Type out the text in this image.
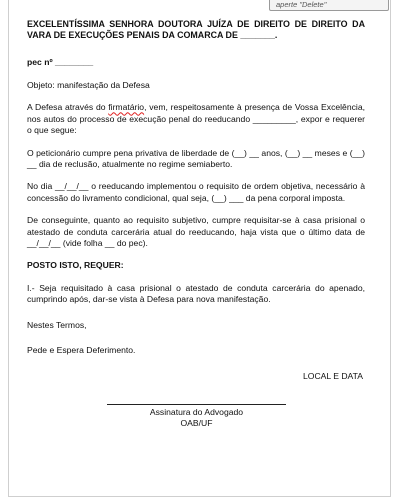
aperte "Delete"

EXCELENTÍSSIMA SENHORA DOUTORA JUÍZA DE DIREITO DE DIREITO DA VARA DE EXECUÇÕES PENAIS DA COMARCA DE _______.

pec nº ________

Objeto: manifestação da Defesa

A Defesa através do firmatário, vem, respeitosamente à presença de Vossa Excelência, nos autos do processo de execução penal do reeducando _________, expor e requerer o que segue:

O peticionário cumpre pena privativa de liberdade de (__) __ anos, (__) __ meses e (__) __ dia de reclusão, atualmente no regime semiaberto.

No dia __/__/__ o reeducando implementou o requisito de ordem objetiva, necessário à concessão do livramento condicional, qual seja, (__) ___ da pena corporal imposta.

De conseguinte, quanto ao requisito subjetivo, cumpre requisitar-se à casa prisional o atestado de conduta carcerária atual do reeducando, haja vista que o último data de __/__/__ (vide folha __ do pec).

POSTO ISTO, REQUER:

I.- Seja requisitado à casa prisional o atestado de conduta carcerária do apenado, cumprindo após, dar-se vista à Defesa para nova manifestação.

Nestes Termos,

Pede e Espera Deferimento.

LOCAL E DATA

Assinatura do Advogado
OAB/UF
